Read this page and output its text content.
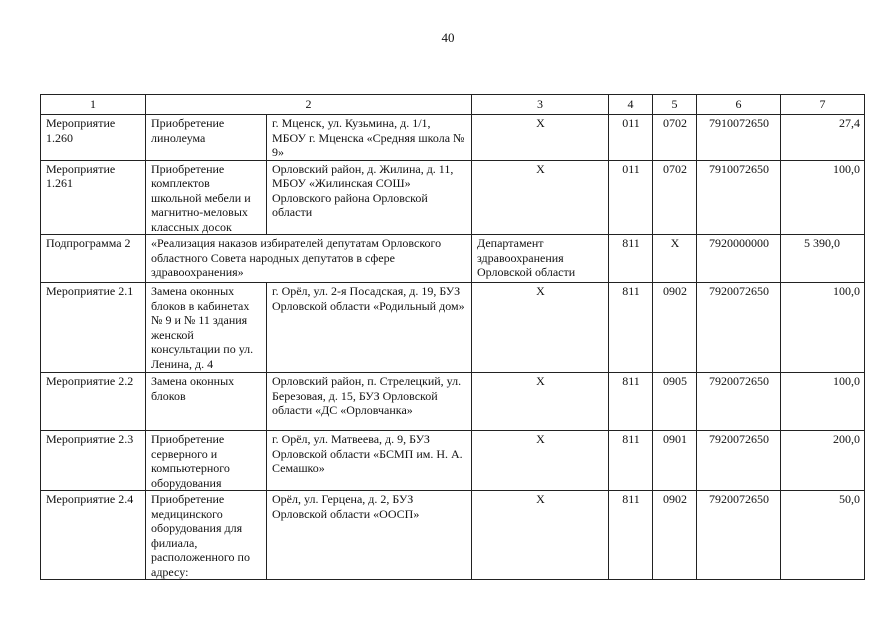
40
1	2		3	4	5	6	7
Мероприятие 1.260	Приобретение линолеума	г. Мценск, ул. Кузьмина, д. 1/1, МБОУ г. Мценска «Средняя школа № 9»	Х	011	0702	7910072650	27,4
Мероприятие 1.261	Приобретение комплектов школьной мебели и магнитно-меловых классных досок	Орловский район, д. Жилина, д. 11, МБОУ «Жилинская СОШ» Орловского района Орловской области	Х	011	0702	7910072650	100,0
Подпрограмма 2	«Реализация наказов избирателей депутатам Орловского областного Совета народных депутатов в сфере здравоохранения»		Департамент здравоохранения Орловской области	811	Х	7920000000	5 390,0
Мероприятие 2.1	Замена оконных блоков в кабинетах № 9 и № 11 здания женской консультации по ул. Ленина, д. 4	г. Орёл, ул. 2-я Посадская, д. 19, БУЗ Орловской области «Родильный дом»	Х	811	0902	7920072650	100,0
Мероприятие 2.2	Замена оконных блоков	Орловский район, п. Стрелецкий, ул. Березовая, д. 15, БУЗ Орловской области «ДС «Орловчанка»	Х	811	0905	7920072650	100,0
Мероприятие 2.3	Приобретение серверного и компьютерного оборудования	г. Орёл, ул. Матвеева, д. 9, БУЗ Орловской области «БСМП им. Н. А. Семашко»	Х	811	0901	7920072650	200,0
Мероприятие 2.4	Приобретение медицинского оборудования для филиала, расположенного по адресу:	Орёл, ул. Герцена, д. 2, БУЗ Орловской области «ООСП»	Х	811	0902	7920072650	50,0
